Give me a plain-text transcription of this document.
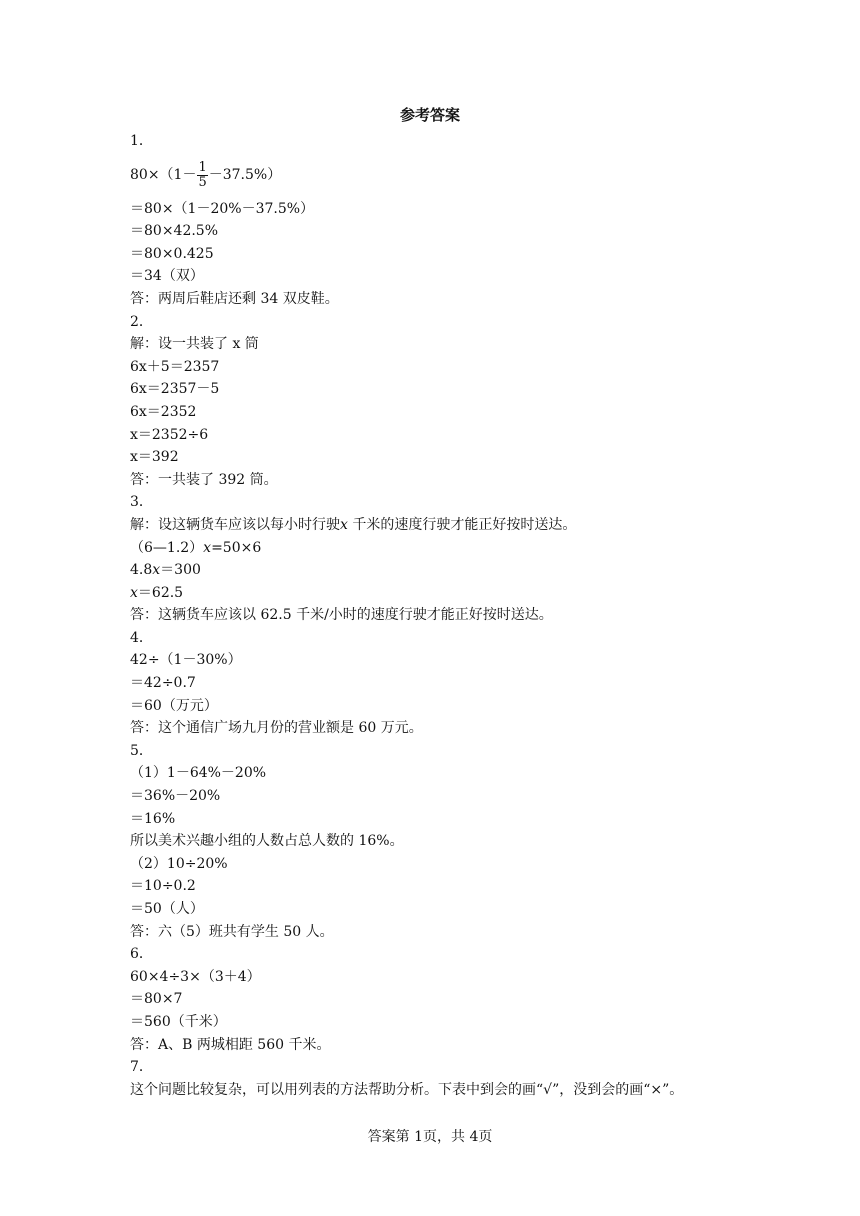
参考答案
1．
$80\times(1- \frac{1}{5} -37.5\%)$
＝80×（1－20%－37.5%）
＝80×42.5%
＝80×0.425
＝34（双）
答：两周后鞋店还剩 34 双皮鞋。
2．
解：设一共装了 x 筒
6x＋5＝2357
6x＝2357－5
6x＝2352
x＝2352÷6
x＝392
答：一共装了 392 筒。
3．
解：设这辆货车应该以每小时行驶x 千米的速度行驶才能正好按时送达。
（6—1.2）x=50×6
4.8x＝300
x＝62.5
答：这辆货车应该以 62.5 千米/小时的速度行驶才能正好按时送达。
4．
42÷（1－30%）
＝42÷0.7
＝60（万元）
答：这个通信广场九月份的营业额是 60 万元。
5．
（1）1－64%－20%
＝36%－20%
＝16%
所以美术兴趣小组的人数占总人数的 16%。
（2）10÷20%
＝10÷0.2
＝50（人）
答：六（5）班共有学生 50 人。
6．
60×4÷3×（3＋4）
＝80×7
＝560（千米）
答：A、B 两城相距 560 千米。
7．
这个问题比较复杂，可以用列表的方法帮助分析。下表中到会的画“√”，没到会的画“×”。
答案第 1页，共 4页
